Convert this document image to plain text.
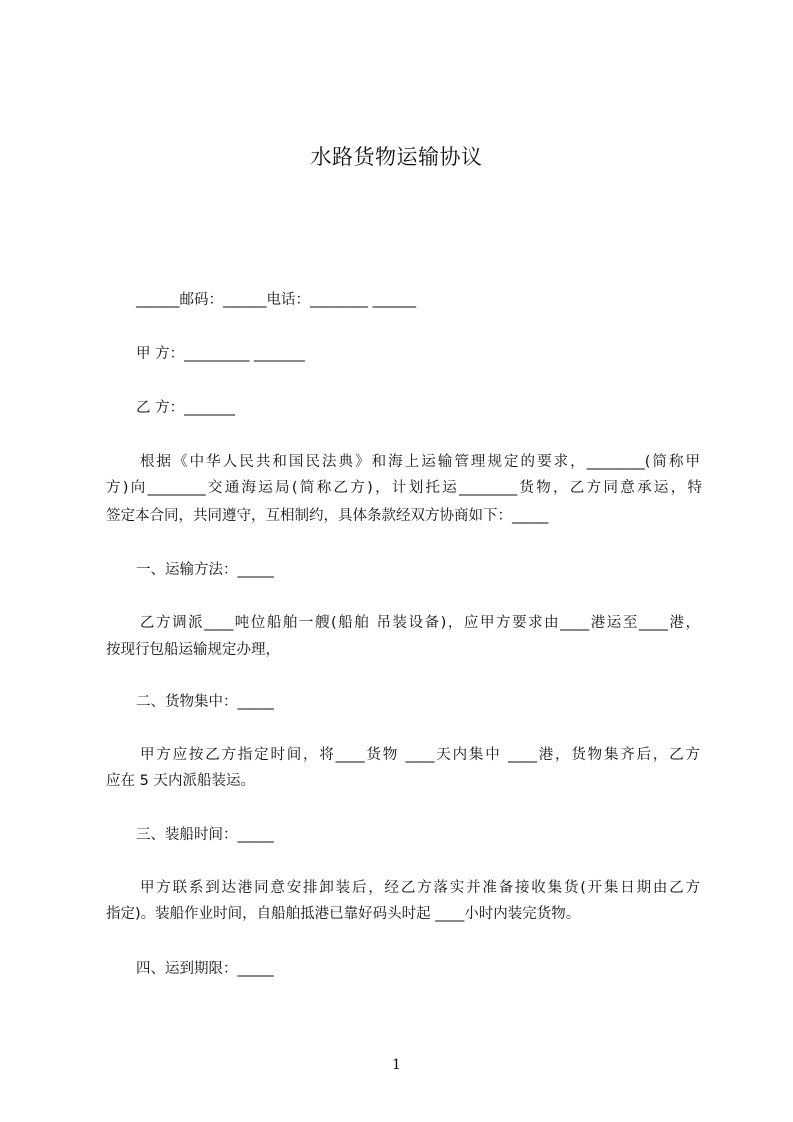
水路货物运输协议
______邮码：______电话：________ ______
甲 方：_________ _______
乙 方：_______
根据《中华人民共和国民法典》和海上运输管理规定的要求，________(简称甲
方)向________交通海运局(简称乙方)，计划托运________货物，乙方同意承运，特
签定本合同，共同遵守，互相制约，具体条款经双方协商如下：_____
一、运输方法：_____
乙方调派____吨位船舶一艘(船舶 吊装设备)，应甲方要求由____港运至____港，
按现行包船运输规定办理，
二、货物集中：_____
甲方应按乙方指定时间，将____货物 ____天内集中 ____港，货物集齐后，乙方
应在 5 天内派船装运。
三、装船时间：_____
甲方联系到达港同意安排卸装后，经乙方落实并准备接收集货(开集日期由乙方
指定)。装船作业时间，自船舶抵港已靠好码头时起 ____小时内装完货物。
四、运到期限：_____
1
